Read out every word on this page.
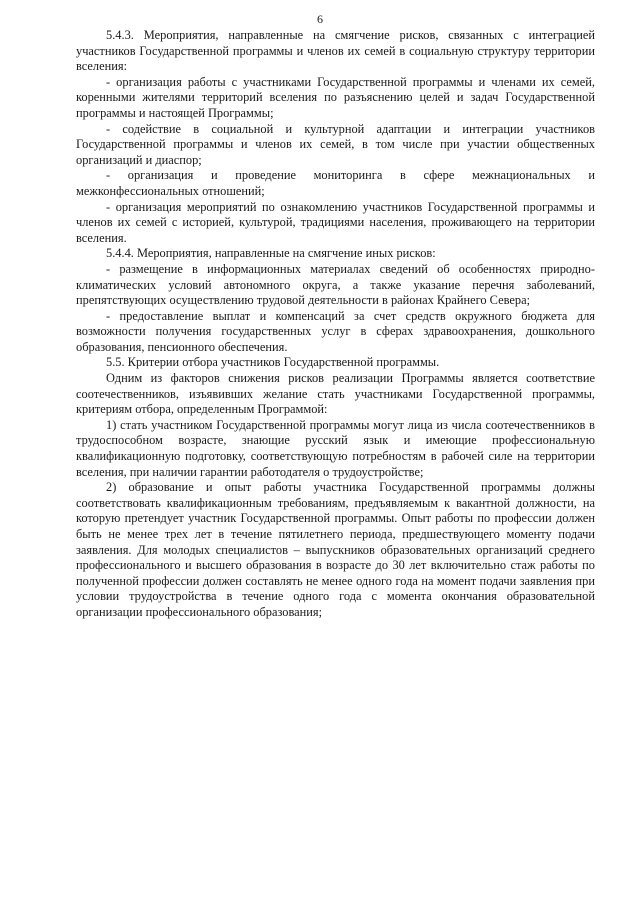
6

5.4.3. Мероприятия, направленные на смягчение рисков, связанных с интеграцией участников Государственной программы и членов их семей в социальную структуру территории вселения:

- организация работы с участниками Государственной программы и членами их семей, коренными жителями территорий вселения по разъяснению целей и задач Государственной программы и настоящей Программы;

- содействие в социальной и культурной адаптации и интеграции участников Государственной программы и членов их семей, в том числе при участии общественных организаций и диаспор;

- организация и проведение мониторинга в сфере межнациональных и межконфессиональных отношений;

- организация мероприятий по ознакомлению участников Государственной программы и членов их семей с историей, культурой, традициями населения, проживающего на территории вселения.

5.4.4. Мероприятия, направленные на смягчение иных рисков:

- размещение в информационных материалах сведений об особенностях природно-климатических условий автономного округа, а также указание перечня заболеваний, препятствующих осуществлению трудовой деятельности в районах Крайнего Севера;

- предоставление выплат и компенсаций за счет средств окружного бюджета для возможности получения государственных услуг в сферах здравоохранения, дошкольного образования, пенсионного обеспечения.

5.5. Критерии отбора участников Государственной программы.

Одним из факторов снижения рисков реализации Программы является соответствие соотечественников, изъявивших желание стать участниками Государственной программы, критериям отбора, определенным Программой:

1) стать участником Государственной программы могут лица из числа соотечественников в трудоспособном возрасте, знающие русский язык и имеющие профессиональную квалификационную подготовку, соответствующую потребностям в рабочей силе на территории вселения, при наличии гарантии работодателя о трудоустройстве;

2) образование и опыт работы участника Государственной программы должны соответствовать квалификационным требованиям, предъявляемым к вакантной должности, на которую претендует участник Государственной программы. Опыт работы по профессии должен быть не менее трех лет в течение пятилетнего периода, предшествующего моменту подачи заявления. Для молодых специалистов – выпускников образовательных организаций среднего профессионального и высшего образования в возрасте до 30 лет включительно стаж работы по полученной профессии должен составлять не менее одного года на момент подачи заявления при условии трудоустройства в течение одного года с момента окончания образовательной организации профессионального образования;
